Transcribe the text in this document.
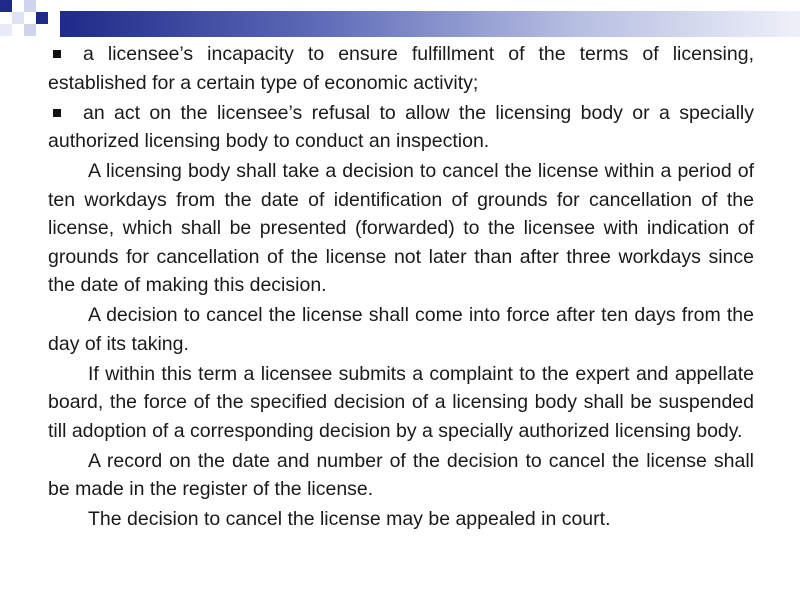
a licensee’s incapacity to ensure fulfillment of the terms of licensing, established for a certain type of economic activity;

an act on the licensee’s refusal to allow the licensing body or a specially authorized licensing body to conduct an inspection.

A licensing body shall take a decision to cancel the license within a period of ten workdays from the date of identification of grounds for cancellation of the license, which shall be presented (forwarded) to the licensee with indication of grounds for cancellation of the license not later than after three workdays since the date of making this decision.

A decision to cancel the license shall come into force after ten days from the day of its taking.

If within this term a licensee submits a complaint to the expert and appellate board, the force of the specified decision of a licensing body shall be suspended till adoption of a corresponding decision by a specially authorized licensing body.

A record on the date and number of the decision to cancel the license shall be made in the register of the license.

The decision to cancel the license may be appealed in court.
